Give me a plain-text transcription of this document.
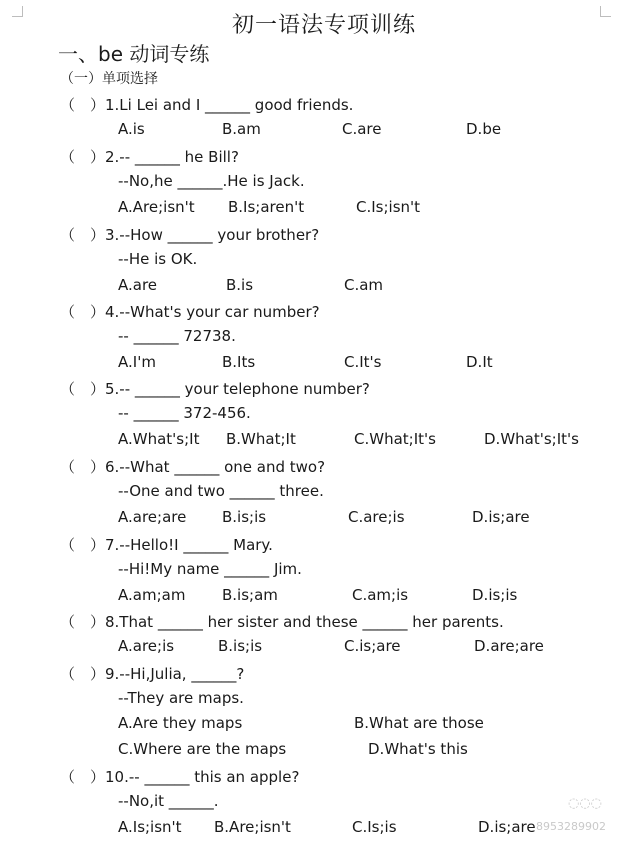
初一语法专项训练
一、be 动词专练
（一）单项选择
（　）1.Li Lei and I ______ good friends.
A.is	B.am	C.are	D.be
（　）2.-- ______ he Bill?
--No,he ______.He is Jack.
A.Are;isn't B.Is;aren't	C.Is;isn't
（　）3.--How ______ your brother?
--He is OK.
A.are	B.is	C.am
（　）4.--What's your car number?
-- ______ 72738.
A.I'm	B.Its	C.It's	D.It
（　）5.-- ______ your telephone number?
-- ______ 372-456.
A.What's;It B.What;It	C.What;It's	D.What's;It's
（　）6.--What ______ one and two?
--One and two ______ three.
A.are;are B.is;is	C.are;is	D.is;are
（　）7.--Hello!I ______ Mary.
--Hi!My name ______ Jim.
A.am;am B.is;am	C.am;is	D.is;is
（　）8.That ______ her sister and these ______ her parents.
A.are;is	B.is;is	C.is;are	D.are;are
（　）9.--Hi,Julia, ______?
--They are maps.
A.Are they maps	B.What are those
C.Where are the maps	D.What's this
（　）10.-- ______ this an apple?
--No,it ______.
A.Is;isn't B.Are;isn't	C.Is;is	D.is;are
◌◌◌
8953289902
